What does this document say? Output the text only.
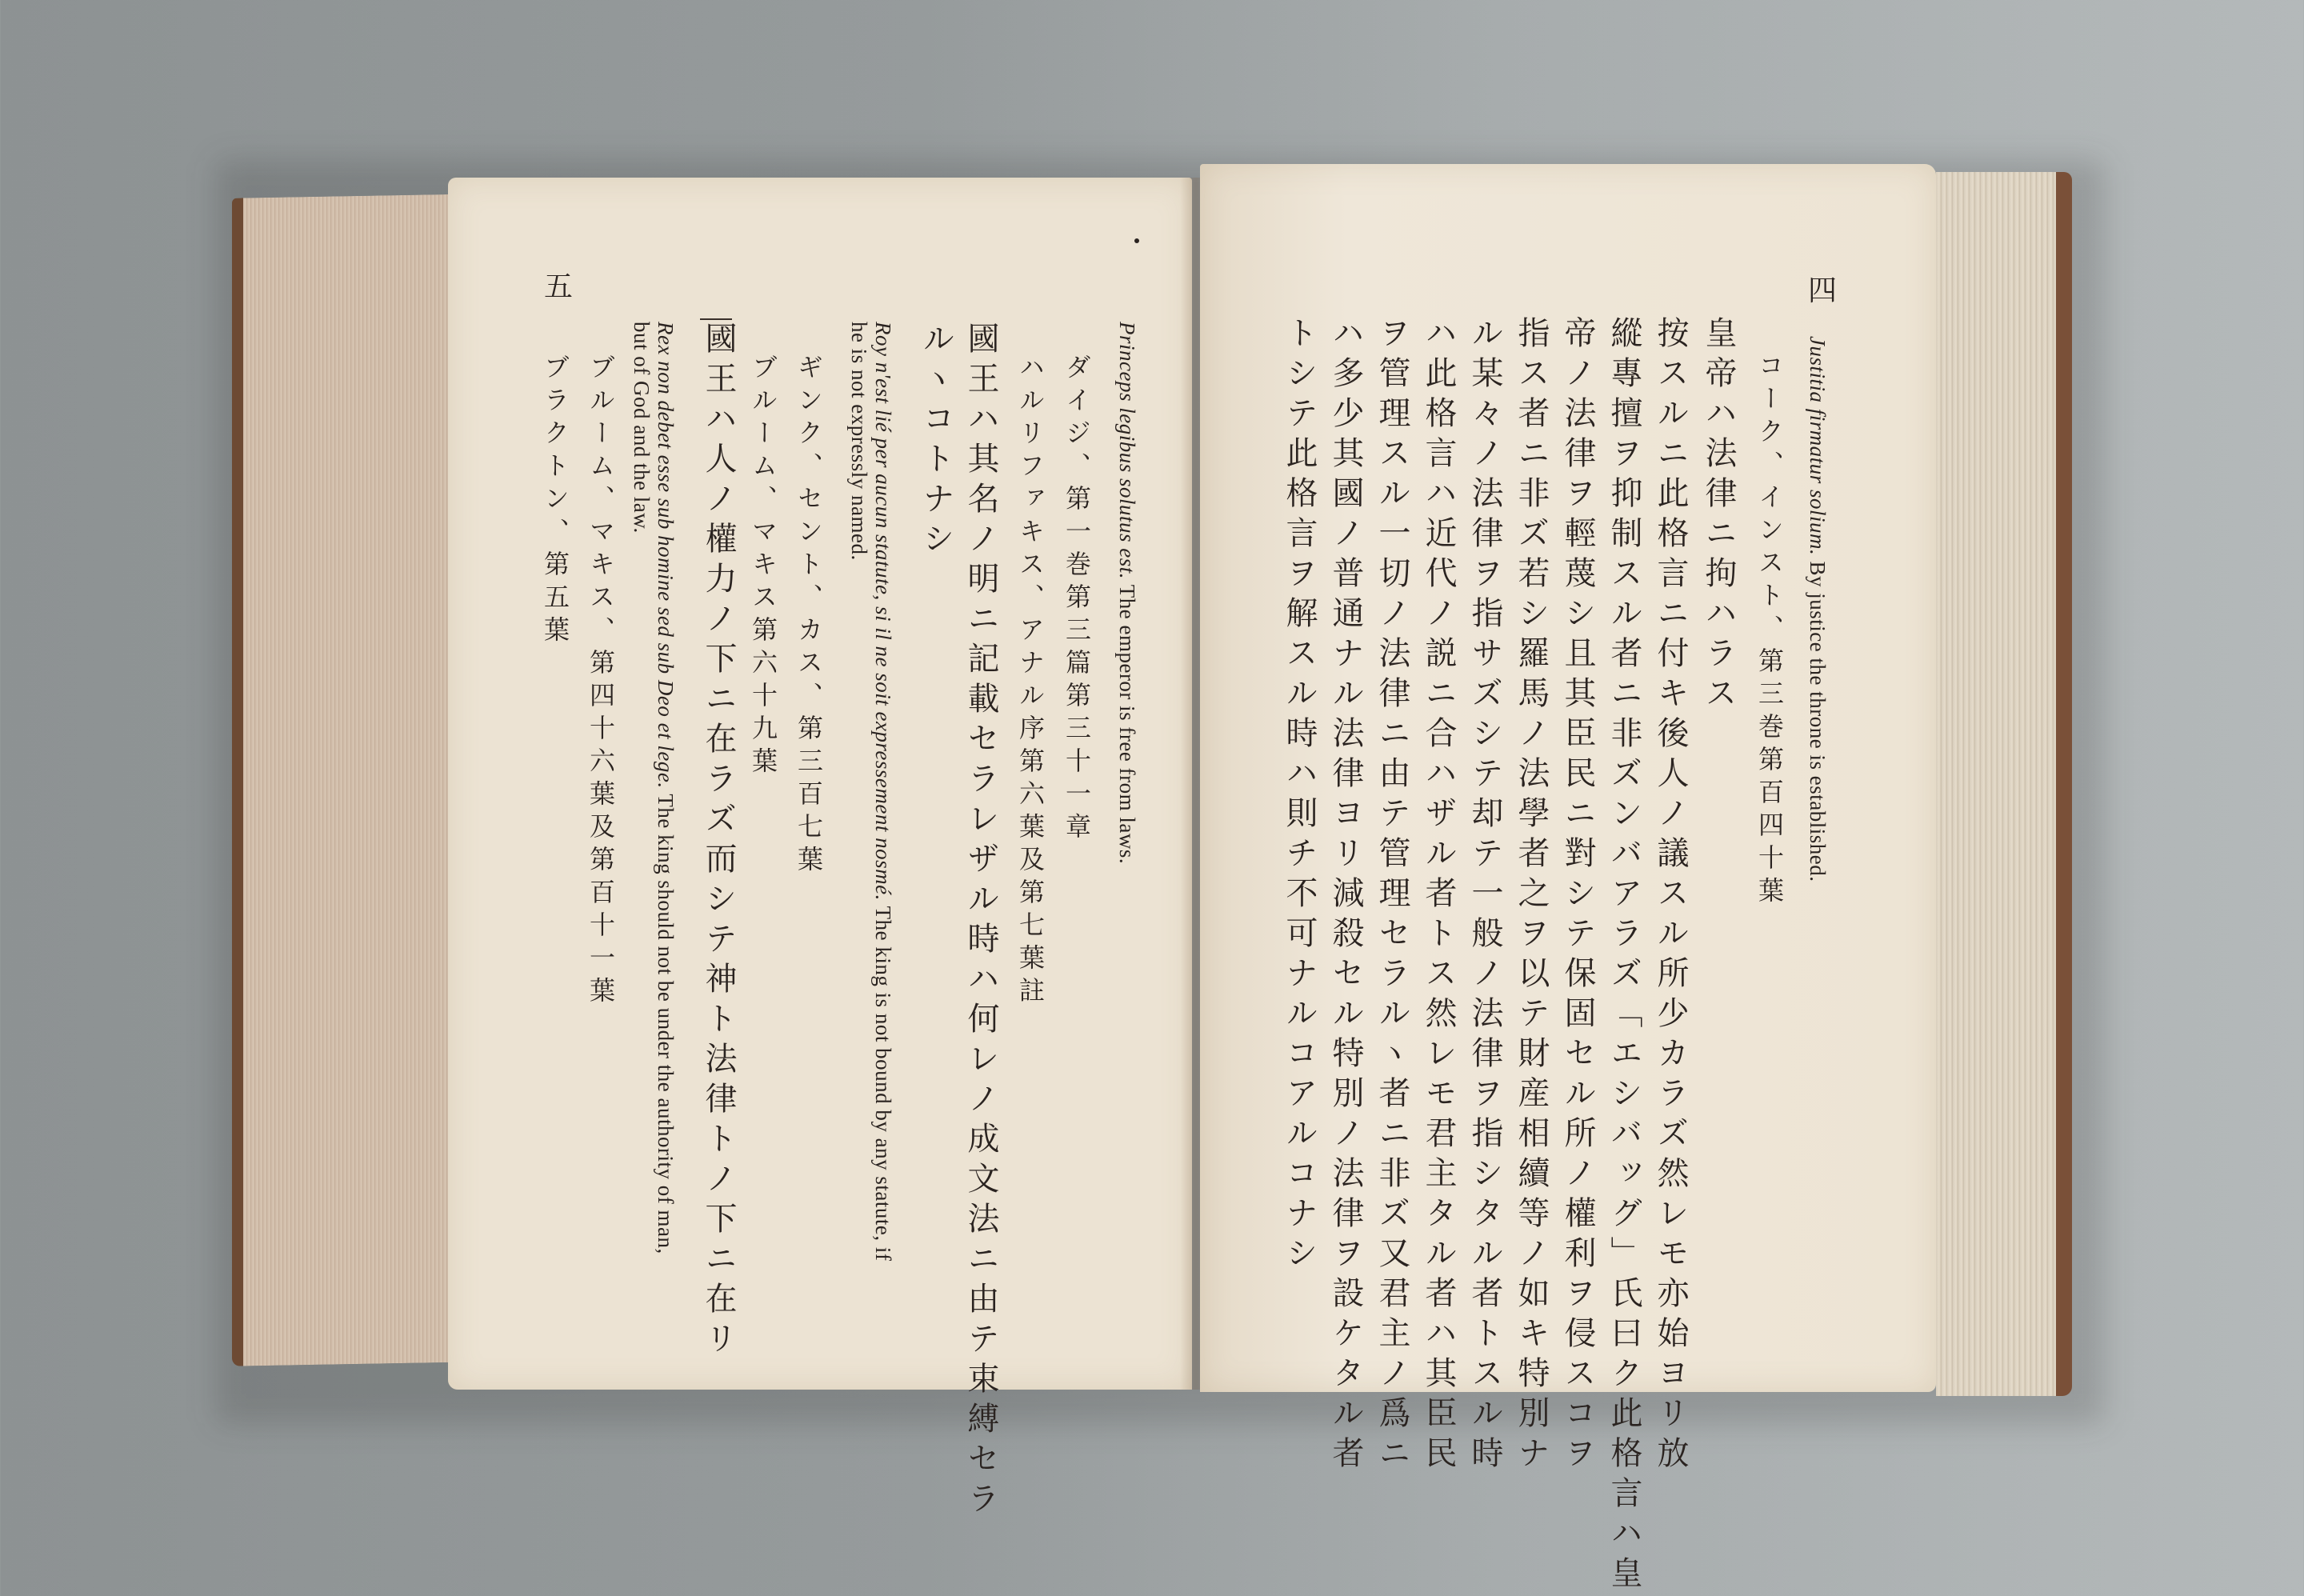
五
Princeps legibus solutus est. The emperor is free from laws.
ダイジ、第一巻第三篇第三十一章
ハルリファキス、アナル序第六葉及第七葉註
國王ハ其名ノ明ニ記載セラレザル時ハ何レノ成文法ニ由テ束縛セラ
ルヽコトナシ
Roy n'est lié per aucun statute, si il ne soit expressement nosmé. The king is not bound by any statute, if
he is not expressly named.
ギンク、セント、カス、第三百七葉
ブルーム、マキス第六十九葉
國王ハ人ノ權力ノ下ニ在ラズ而シテ神ト法律トノ下ニ在リ
Rex non debet esse sub homine sed sub Deo et lege. The king should not be under the authority of man,
but of God and the law.
ブルーム、マキス、第四十六葉及第百十一葉
ブラクトン、第五葉
四
Justitia firmatur solium. By justice the throne is established.
コーク、インスト、第三巻第百四十葉
皇帝ハ法律ニ拘ハラス
按スルニ此格言ニ付キ後人ノ議スル所少カラズ然レモ亦始ヨリ放
縱專擅ヲ抑制スル者ニ非ズンバアラズ「エシバッグ」氏曰ク此格言ハ皇
帝ノ法律ヲ輕蔑シ且其臣民ニ對シテ保固セル所ノ權利ヲ侵スコヲ
指ス者ニ非ズ若シ羅馬ノ法學者之ヲ以テ財産相續等ノ如キ特別ナ
ル某々ノ法律ヲ指サズシテ却テ一般ノ法律ヲ指シタル者トスル時
ハ此格言ハ近代ノ説ニ合ハザル者トス然レモ君主タル者ハ其臣民
ヲ管理スル一切ノ法律ニ由テ管理セラルヽ者ニ非ズ又君主ノ爲ニ
ハ多少其國ノ普通ナル法律ヨリ減殺セル特別ノ法律ヲ設ケタル者
トシテ此格言ヲ解スル時ハ則チ不可ナルコアルコナシ
